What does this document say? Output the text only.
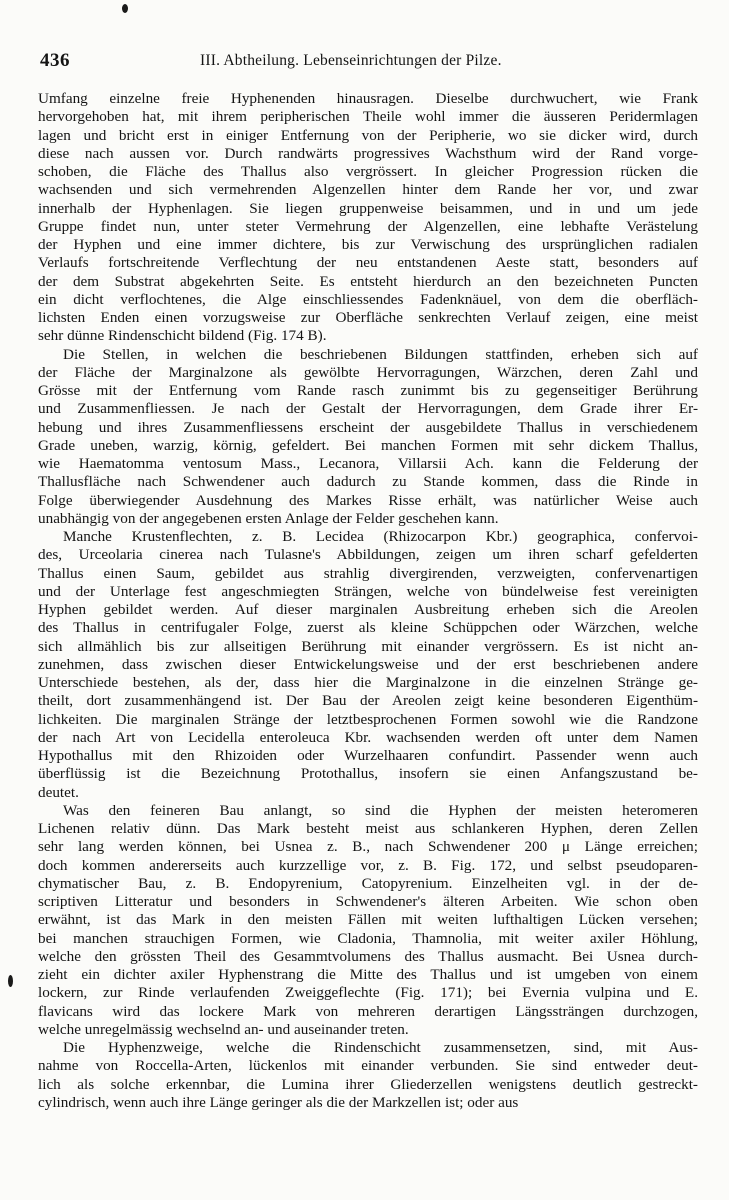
436	III. Abtheilung. Lebenseinrichtungen der Pilze.
Umfang einzelne freie Hyphenenden hinausragen. Dieselbe durchwuchert, wie Frank
hervorgehoben hat, mit ihrem peripherischen Theile wohl immer die äusseren Peridermlagen
lagen und bricht erst in einiger Entfernung von der Peripherie, wo sie dicker wird, durch
diese nach aussen vor. Durch randwärts progressives Wachsthum wird der Rand vorge-
schoben, die Fläche des Thallus also vergrössert. In gleicher Progression rücken die
wachsenden und sich vermehrenden Algenzellen hinter dem Rande her vor, und zwar
innerhalb der Hyphenlagen. Sie liegen gruppenweise beisammen, und in und um jede
Gruppe findet nun, unter steter Vermehrung der Algenzellen, eine lebhafte Verästelung
der Hyphen und eine immer dichtere, bis zur Verwischung des ursprünglichen radialen
Verlaufs fortschreitende Verflechtung der neu entstandenen Aeste statt, besonders auf
der dem Substrat abgekehrten Seite. Es entsteht hierdurch an den bezeichneten Puncten
ein dicht verflochtenes, die Alge einschliessendes Fadenknäuel, von dem die oberfläch-
lichsten Enden einen vorzugsweise zur Oberfläche senkrechten Verlauf zeigen, eine meist
sehr dünne Rindenschicht bildend (Fig. 174 B).
Die Stellen, in welchen die beschriebenen Bildungen stattfinden, erheben sich auf
der Fläche der Marginalzone als gewölbte Hervorragungen, Wärzchen, deren Zahl und
Grösse mit der Entfernung vom Rande rasch zunimmt bis zu gegenseitiger Berührung
und Zusammenfliessen. Je nach der Gestalt der Hervorragungen, dem Grade ihrer Er-
hebung und ihres Zusammenfliessens erscheint der ausgebildete Thallus in verschiedenem
Grade uneben, warzig, körnig, gefeldert. Bei manchen Formen mit sehr dickem Thallus,
wie Haematomma ventosum Mass., Lecanora, Villarsii Ach. kann die Felderung der
Thallusfläche nach Schwendener auch dadurch zu Stande kommen, dass die Rinde in
Folge überwiegender Ausdehnung des Markes Risse erhält, was natürlicher Weise auch
unabhängig von der angegebenen ersten Anlage der Felder geschehen kann.
Manche Krustenflechten, z. B. Lecidea (Rhizocarpon Kbr.) geographica, confervoi-
des, Urceolaria cinerea nach Tulasne's Abbildungen, zeigen um ihren scharf gefelderten
Thallus einen Saum, gebildet aus strahlig divergirenden, verzweigten, confervenartigen
und der Unterlage fest angeschmiegten Strängen, welche von bündelweise fest vereinigten
Hyphen gebildet werden. Auf dieser marginalen Ausbreitung erheben sich die Areolen
des Thallus in centrifugaler Folge, zuerst als kleine Schüppchen oder Wärzchen, welche
sich allmählich bis zur allseitigen Berührung mit einander vergrössern. Es ist nicht an-
zunehmen, dass zwischen dieser Entwickelungsweise und der erst beschriebenen andere
Unterschiede bestehen, als der, dass hier die Marginalzone in die einzelnen Stränge ge-
theilt, dort zusammenhängend ist. Der Bau der Areolen zeigt keine besonderen Eigenthüm-
lichkeiten. Die marginalen Stränge der letztbesprochenen Formen sowohl wie die Randzone
der nach Art von Lecidella enteroleuca Kbr. wachsenden werden oft unter dem Namen
Hypothallus mit den Rhizoiden oder Wurzelhaaren confundirt. Passender wenn auch
überflüssig ist die Bezeichnung Protothallus, insofern sie einen Anfangszustand be-
deutet.
Was den feineren Bau anlangt, so sind die Hyphen der meisten heteromeren
Lichenen relativ dünn. Das Mark besteht meist aus schlankeren Hyphen, deren Zellen
sehr lang werden können, bei Usnea z. B., nach Schwendener 200 μ Länge erreichen;
doch kommen andererseits auch kurzzellige vor, z. B. Fig. 172, und selbst pseudoparen-
chymatischer Bau, z. B. Endopyrenium, Catopyrenium. Einzelheiten vgl. in der de-
scriptiven Litteratur und besonders in Schwendener's älteren Arbeiten. Wie schon oben
erwähnt, ist das Mark in den meisten Fällen mit weiten lufthaltigen Lücken versehen;
bei manchen strauchigen Formen, wie Cladonia, Thamnolia, mit weiter axiler Höhlung,
welche den grössten Theil des Gesammtvolumens des Thallus ausmacht. Bei Usnea durch-
zieht ein dichter axiler Hyphenstrang die Mitte des Thallus und ist umgeben von einem
lockern, zur Rinde verlaufenden Zweiggeflechte (Fig. 171); bei Evernia vulpina und E.
flavicans wird das lockere Mark von mehreren derartigen Längssträngen durchzogen,
welche unregelmässig wechselnd an- und auseinander treten.
Die Hyphenzweige, welche die Rindenschicht zusammensetzen, sind, mit Aus-
nahme von Roccella-Arten, lückenlos mit einander verbunden. Sie sind entweder deut-
lich als solche erkennbar, die Lumina ihrer Gliederzellen wenigstens deutlich gestreckt-
cylindrisch, wenn auch ihre Länge geringer als die der Markzellen ist; oder aus
